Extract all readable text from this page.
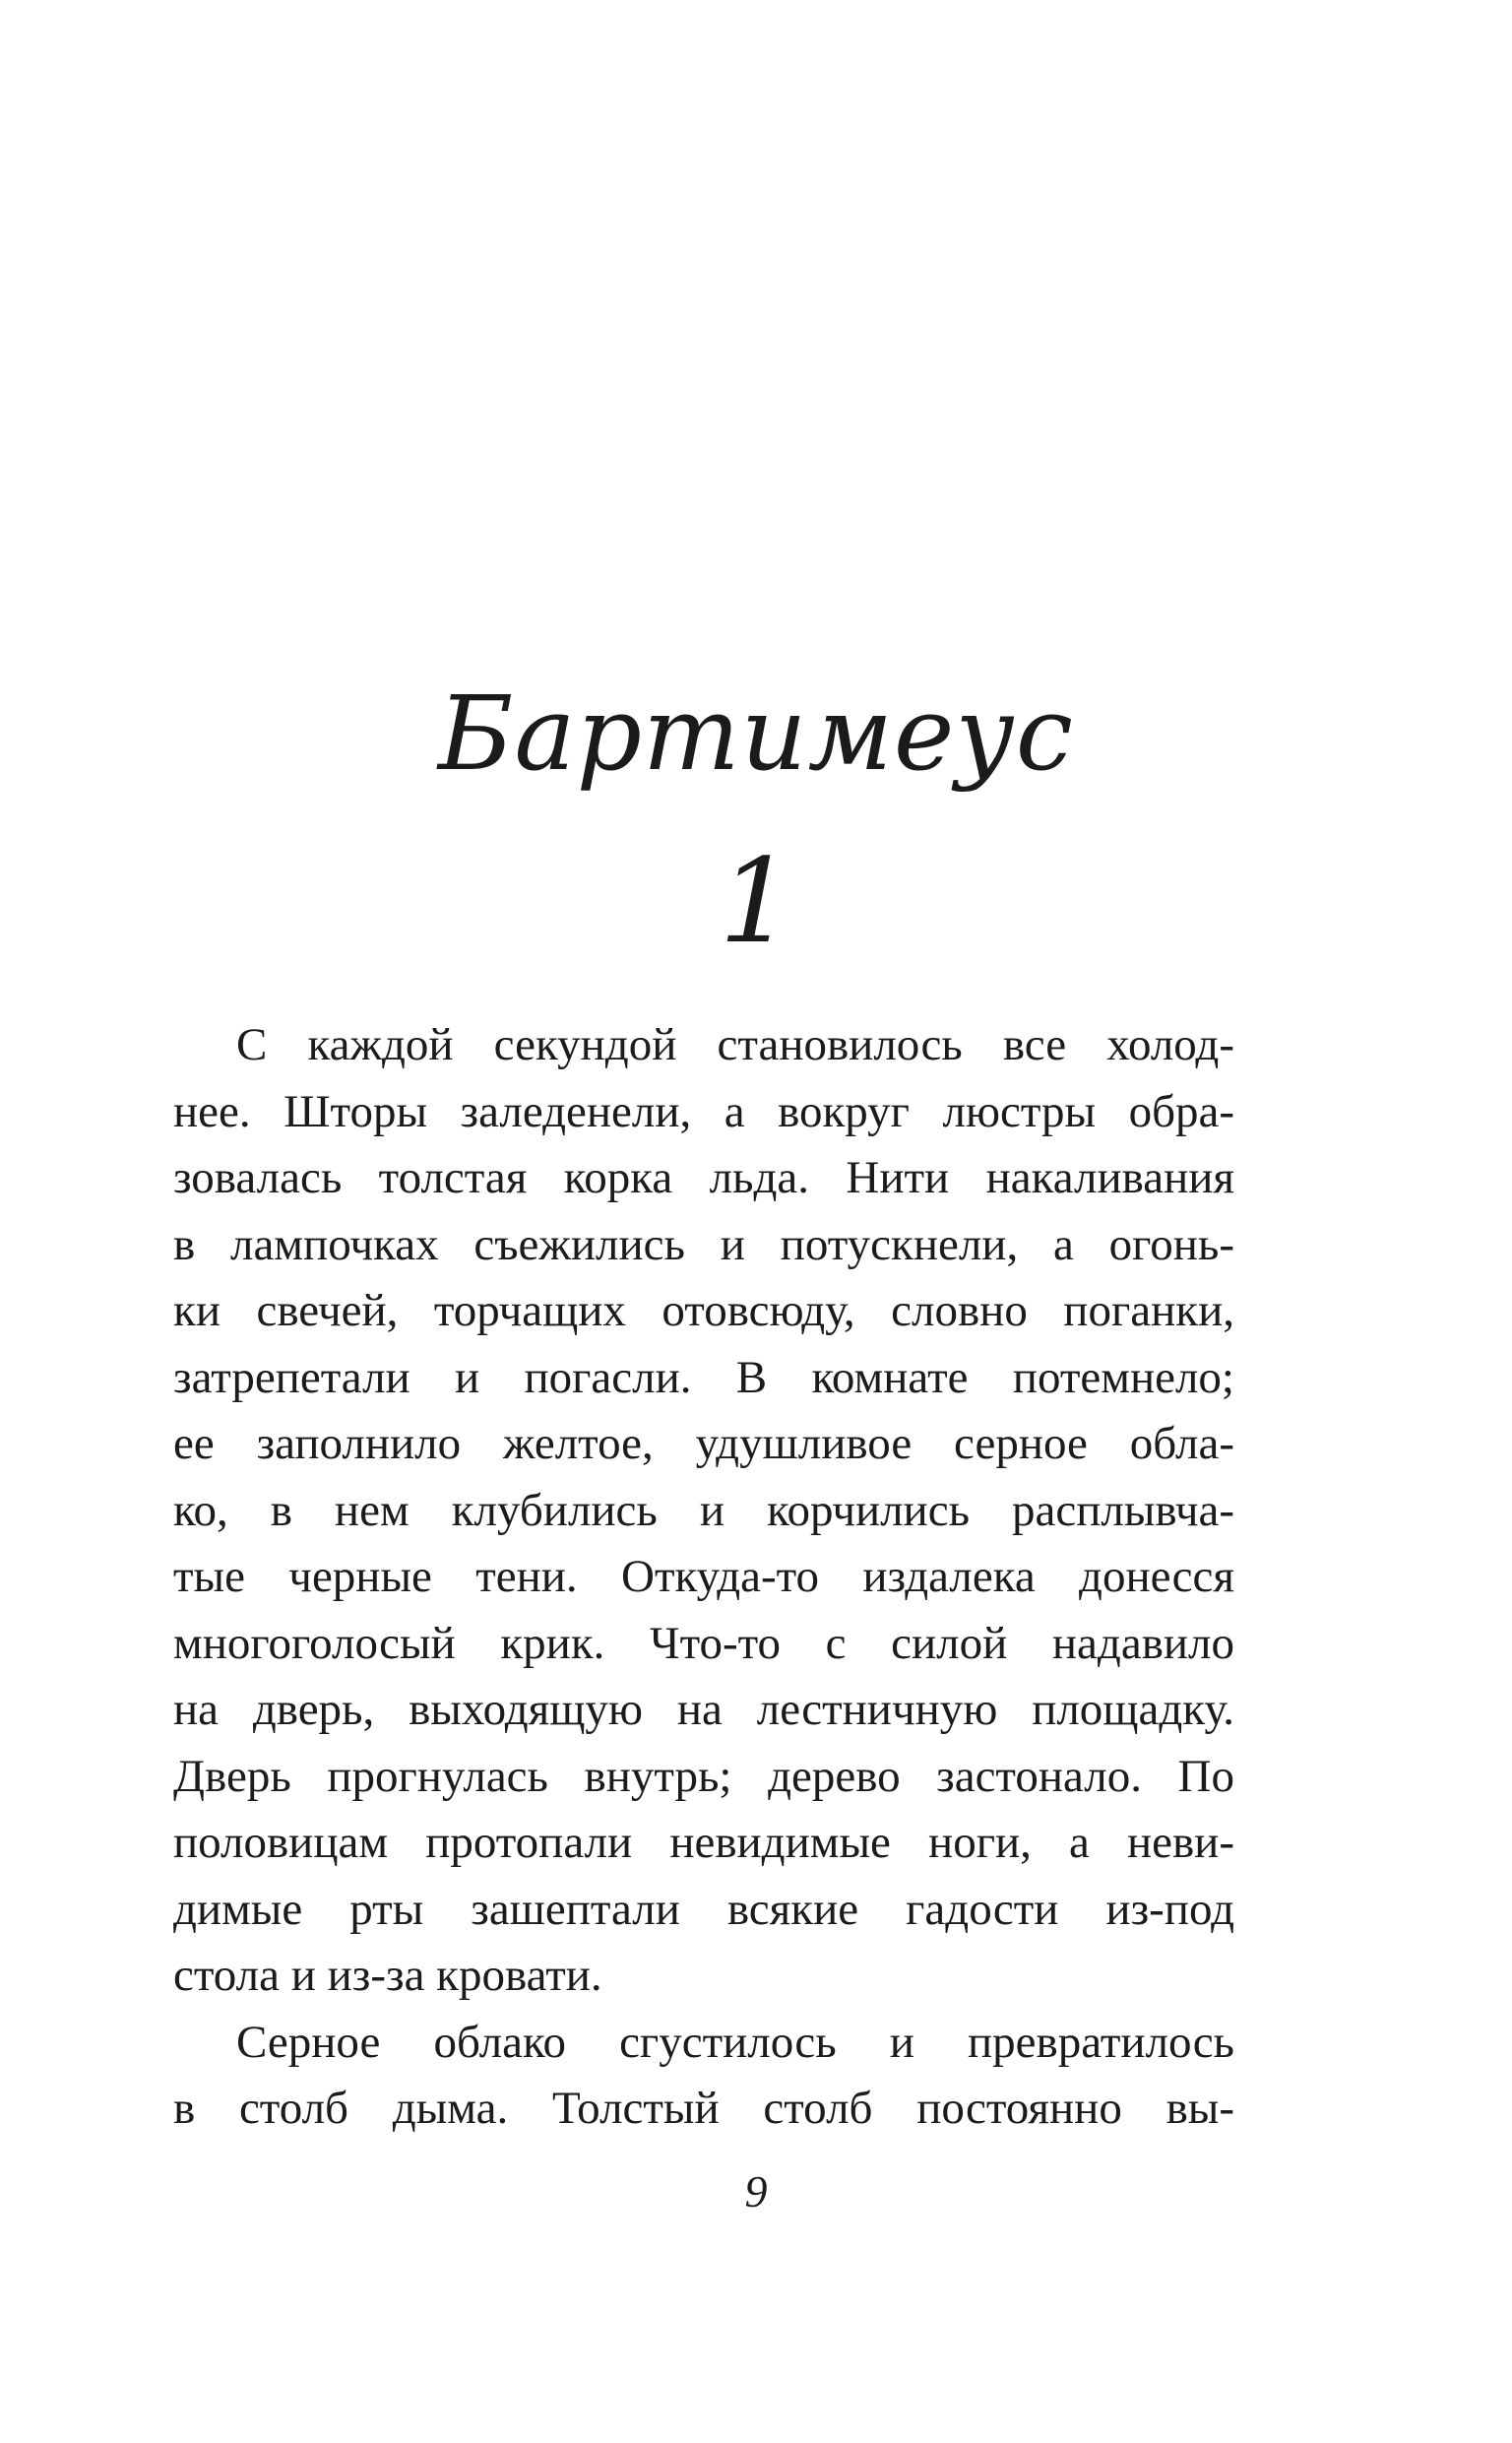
Бартимеус
1
С каждой секундой становилось все холод-
нее. Шторы заледенели, а вокруг люстры обра-
зовалась толстая корка льда. Нити накаливания
в лампочках съежились и потускнели, а огонь-
ки свечей, торчащих отовсюду, словно поганки,
затрепетали и погасли. В комнате потемнело;
ее заполнило желтое, удушливое серное обла-
ко, в нем клубились и корчились расплывча-
тые черные тени. Откуда-то издалека донесся
многоголосый крик. Что-то с силой надавило
на дверь, выходящую на лестничную площадку.
Дверь прогнулась внутрь; дерево застонало. По
половицам протопали невидимые ноги, а неви-
димые рты зашептали всякие гадости из-под
стола и из-за кровати.
Серное облако сгустилось и превратилось
в столб дыма. Толстый столб постоянно вы-
9
